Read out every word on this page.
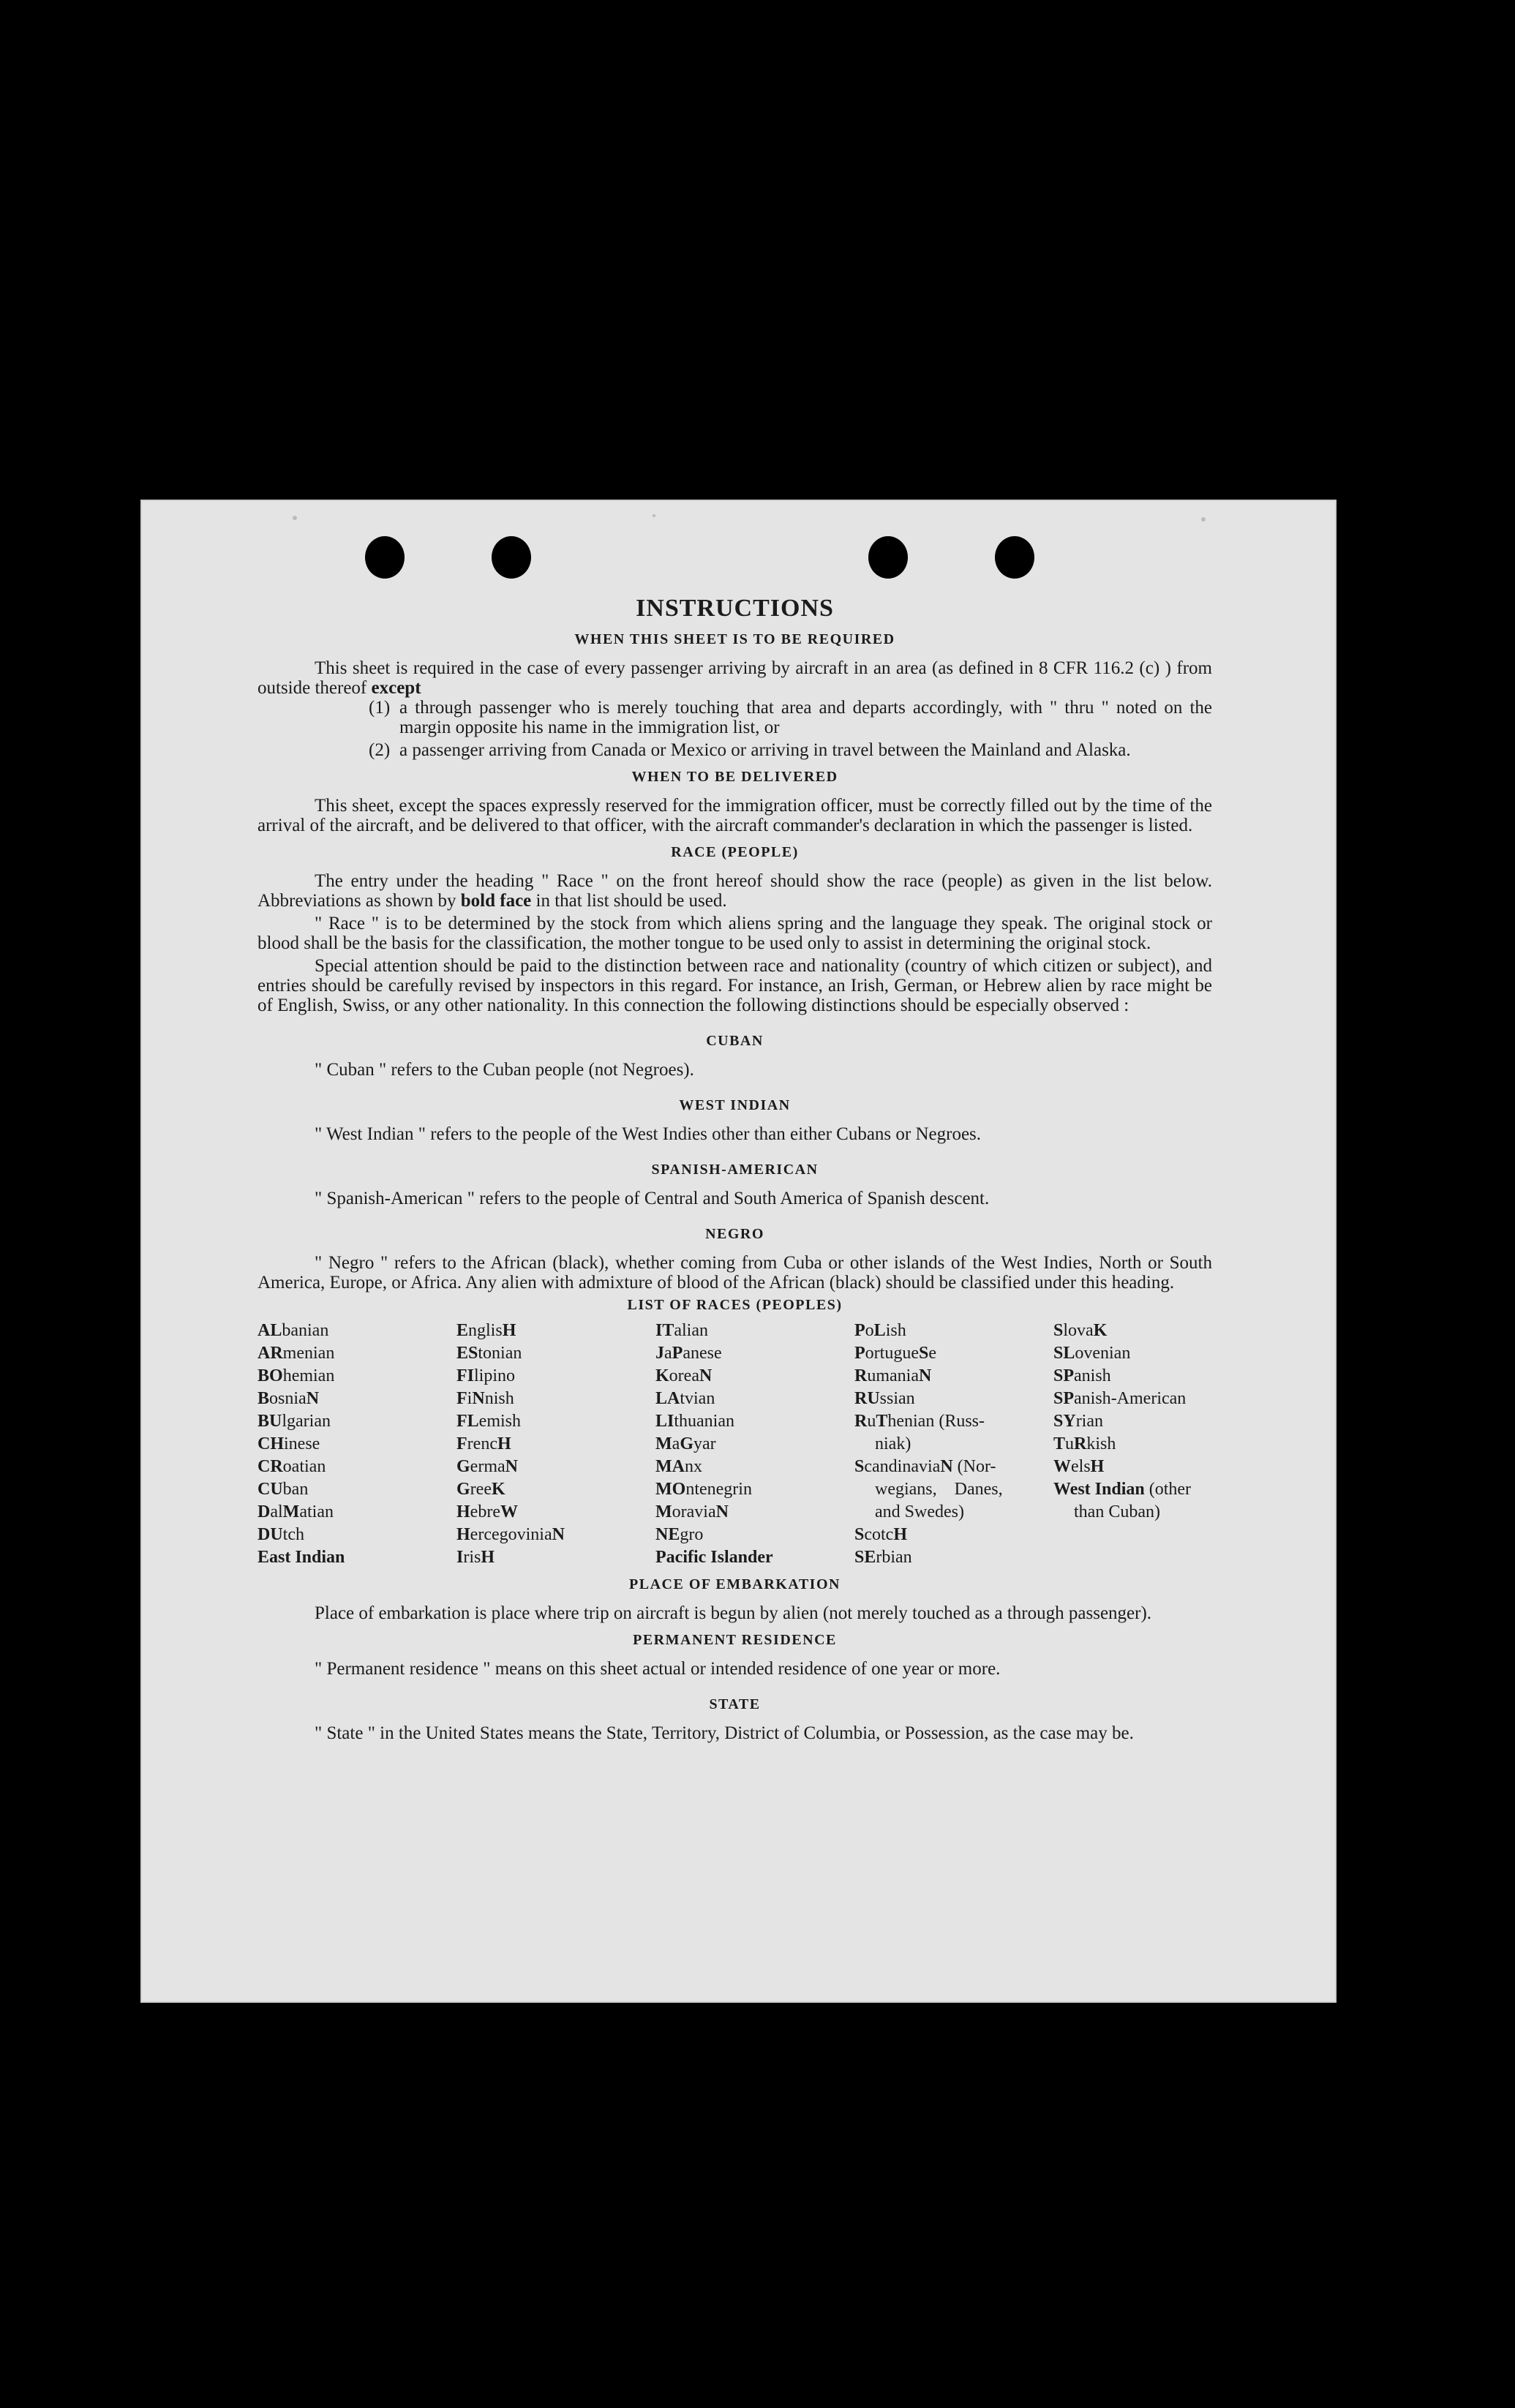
INSTRUCTIONS
WHEN THIS SHEET IS TO BE REQUIRED

This sheet is required in the case of every passenger arriving by aircraft in an area (as defined in 8 CFR 116.2 (c) ) from outside thereof except

(1) a through passenger who is merely touching that area and departs accordingly, with " thru " noted on the margin opposite his name in the immigration list, or
(2) a passenger arriving from Canada or Mexico or arriving in travel between the Mainland and Alaska.
WHEN TO BE DELIVERED

This sheet, except the spaces expressly reserved for the immigration officer, must be correctly filled out by the time of the arrival of the aircraft, and be delivered to that officer, with the aircraft commander's declaration in which the passenger is listed.

RACE (PEOPLE)

The entry under the heading " Race " on the front hereof should show the race (people) as given in the list below. Abbreviations as shown by bold face in that list should be used.

" Race " is to be determined by the stock from which aliens spring and the language they speak. The original stock or blood shall be the basis for the classification, the mother tongue to be used only to assist in determining the original stock.

Special attention should be paid to the distinction between race and nationality (country of which citizen or subject), and entries should be carefully revised by inspectors in this regard. For instance, an Irish, German, or Hebrew alien by race might be of English, Swiss, or any other nationality. In this connection the following distinctions should be especially observed :

CUBAN

" Cuban " refers to the Cuban people (not Negroes).

WEST INDIAN

" West Indian " refers to the people of the West Indies other than either Cubans or Negroes.

SPANISH-AMERICAN

" Spanish-American " refers to the people of Central and South America of Spanish descent.

NEGRO

" Negro " refers to the African (black), whether coming from Cuba or other islands of the West Indies, North or South America, Europe, or Africa. Any alien with admixture of blood of the African (black) should be classified under this heading.

LIST OF RACES (PEOPLES)
ALbanian
ARmenian
BOhemian
BosniaN
BUlgarian
CHinese
CRoatian
CUban
DalMatian
DUtch
East Indian
EnglisH
EStonian
FIlipino
FiNnish
FLemish
FrencH
GermaN
GreeK
HebreW
HercegoviniaN
IrisH
ITalian
JaPanese
KoreaN
LAtvian
LIthuanian
MaGyar
MAnx
MOntenegrin
MoraviaN
NEgro
Pacific Islander
PoLish
PortugueSe
RumaniaN
RUssian
RuThenian (Russ-
niak)
ScandinaviaN (Nor-
wegians,    Danes,
and Swedes)
ScotcH
SErbian
SlovaK
SLovenian
SPanish
SPanish-American
SYrian
TuRkish
WelsH
West Indian (other
than Cuban)
PLACE OF EMBARKATION

Place of embarkation is place where trip on aircraft is begun by alien (not merely touched as a through passenger).

PERMANENT RESIDENCE

" Permanent residence " means on this sheet actual or intended residence of one year or more.

STATE

" State " in the United States means the State, Territory, District of Columbia, or Possession, as the case may be.
